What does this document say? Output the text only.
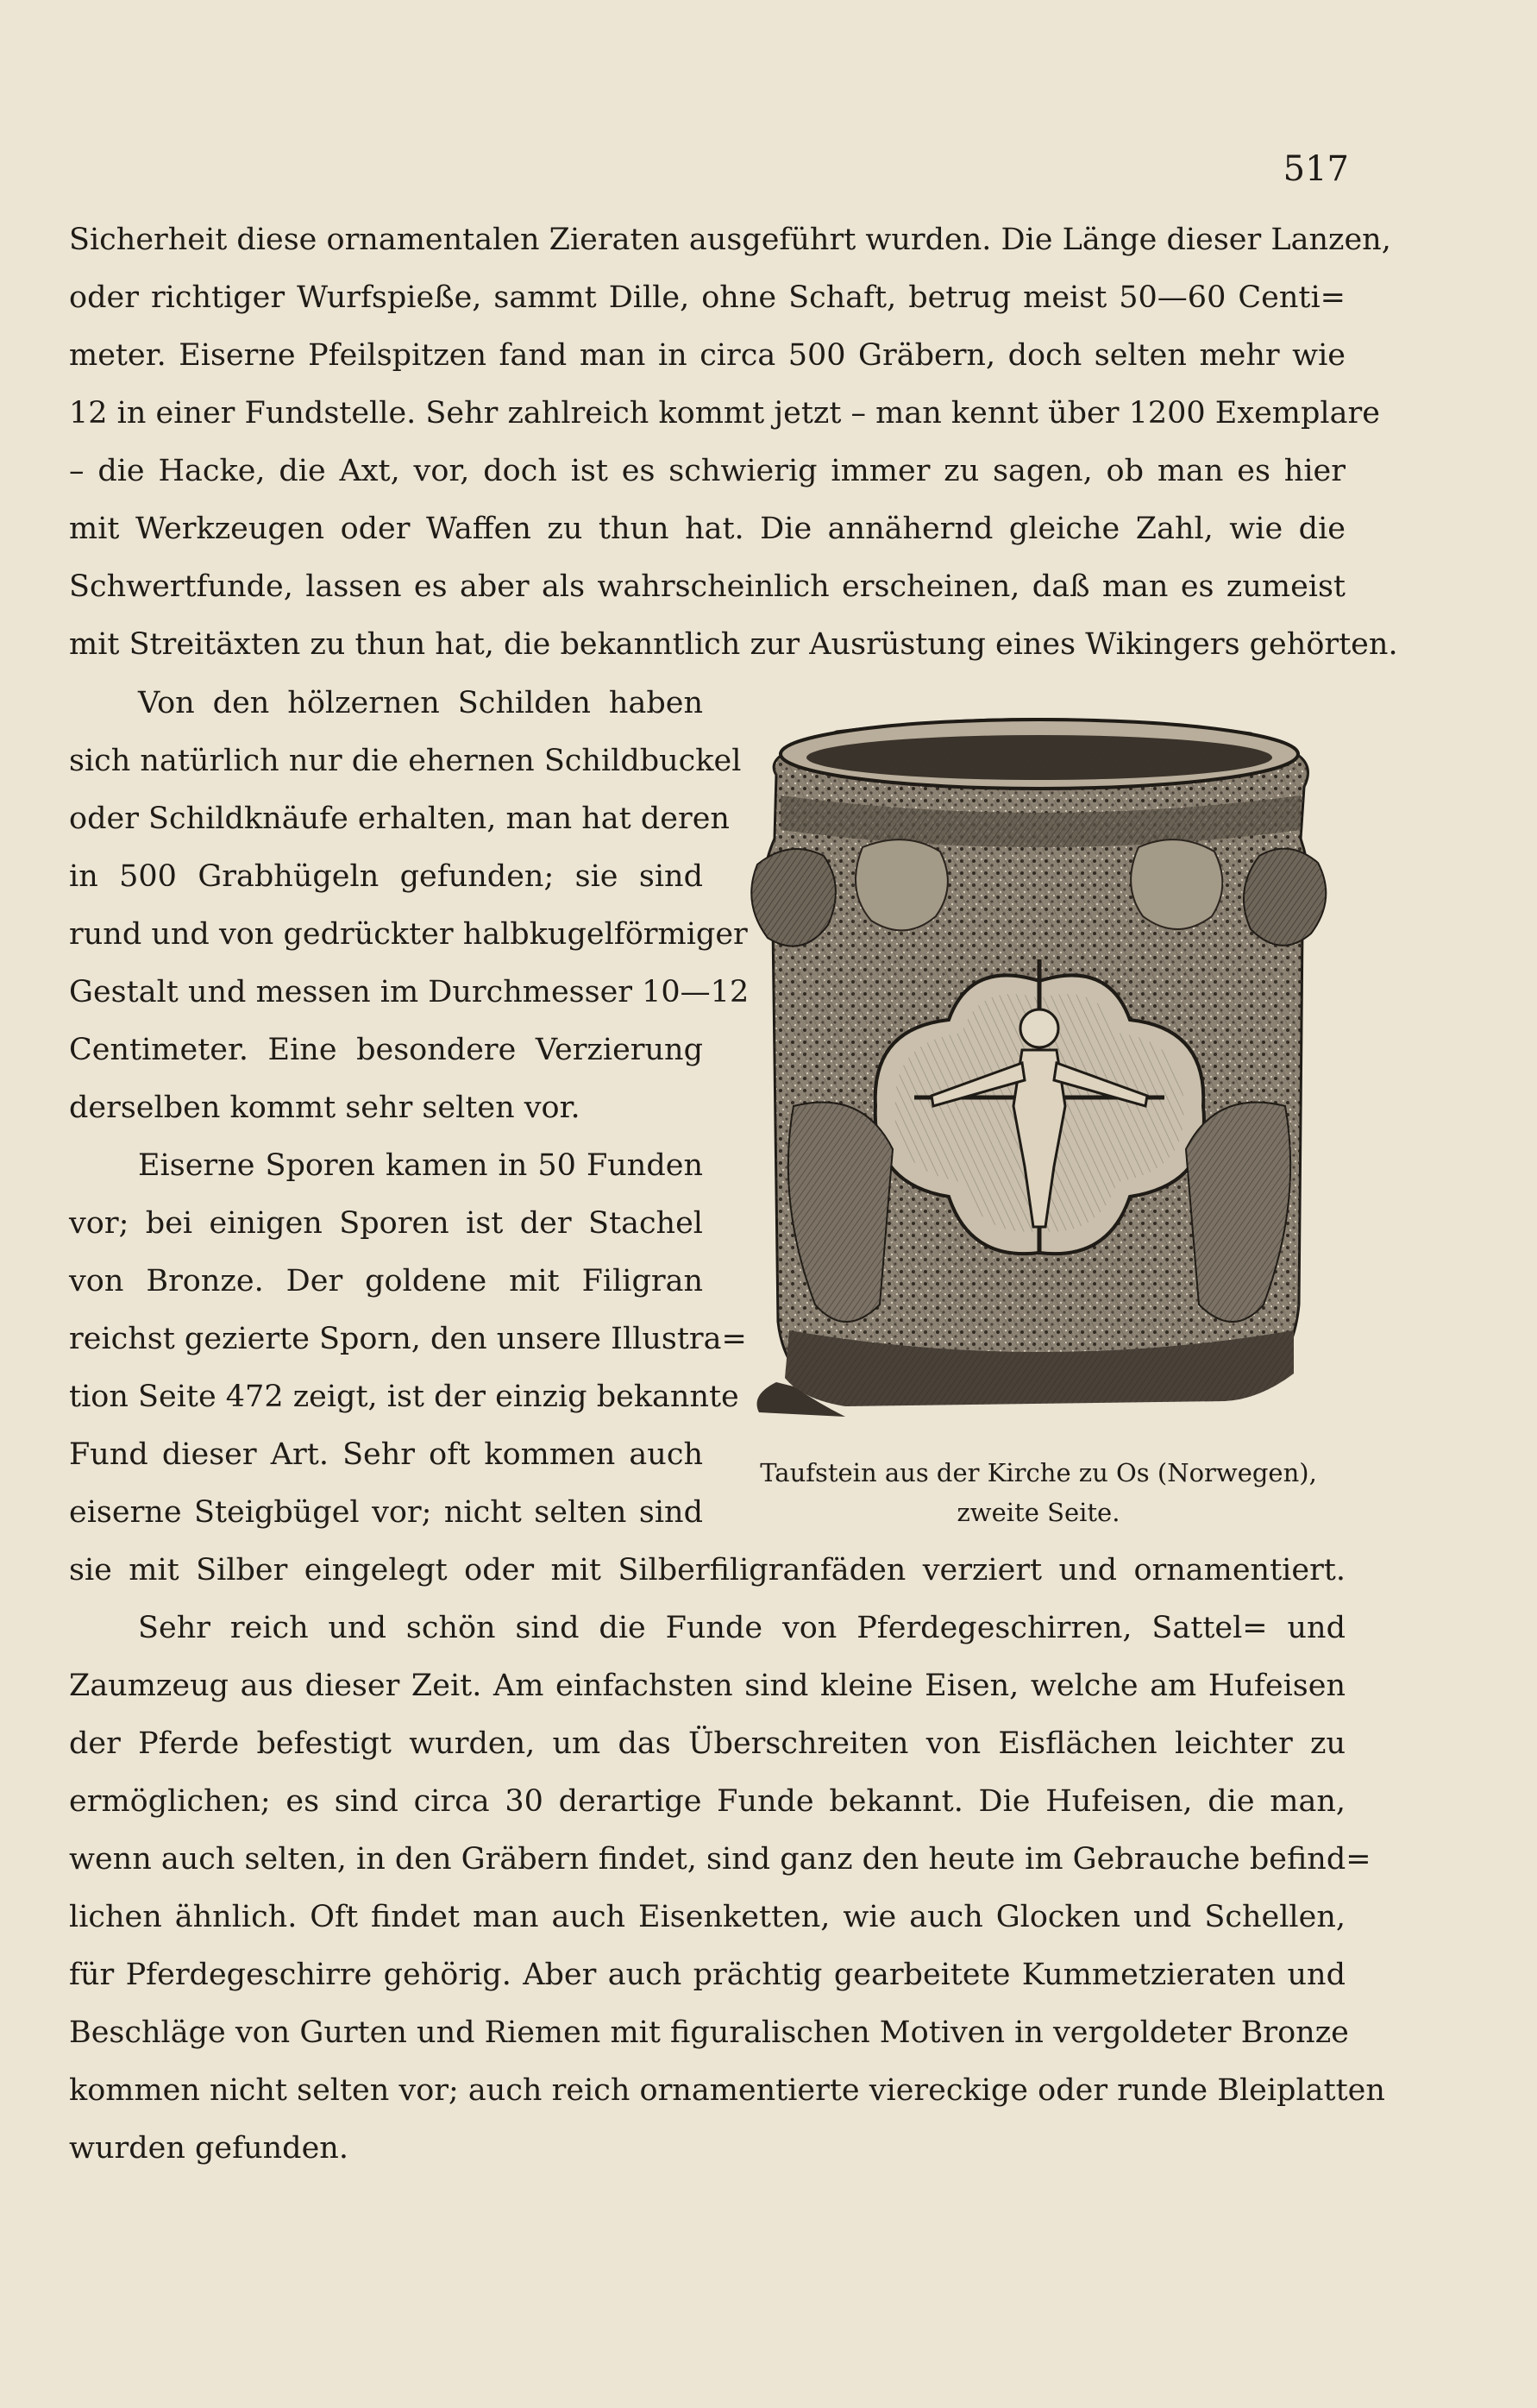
517
Sicherheit diese ornamentalen Zieraten ausgeführt wurden. Die Länge dieser Lanzen,
oder richtiger Wurfspieße, sammt Dille, ohne Schaft, betrug meist 50—60 Centi=
meter. Eiserne Pfeilspitzen fand man in circa 500 Gräbern, doch selten mehr wie
12 in einer Fundstelle. Sehr zahlreich kommt jetzt – man kennt über 1200 Exemplare
– die Hacke, die Axt, vor, doch ist es schwierig immer zu sagen, ob man es hier
mit Werkzeugen oder Waffen zu thun hat. Die annähernd gleiche Zahl, wie die
Schwertfunde, lassen es aber als wahrscheinlich erscheinen, daß man es zumeist
mit Streitäxten zu thun hat, die bekanntlich zur Ausrüstung eines Wikingers gehörten.
Von den hölzernen Schilden haben
sich natürlich nur die ehernen Schildbuckel
oder Schildknäufe erhalten, man hat deren
in 500 Grabhügeln gefunden; sie sind
rund und von gedrückter halbkugelförmiger
Gestalt und messen im Durchmesser 10—12
Centimeter. Eine besondere Verzierung
derselben kommt sehr selten vor.
Eiserne Sporen kamen in 50 Funden
vor; bei einigen Sporen ist der Stachel
von Bronze. Der goldene mit Filigran
reichst gezierte Sporn, den unsere Illustra=
tion Seite 472 zeigt, ist der einzig bekannte
Fund dieser Art. Sehr oft kommen auch
eiserne Steigbügel vor; nicht selten sind
sie mit Silber eingelegt oder mit Silberfiligranfäden verziert und ornamentiert.
Sehr reich und schön sind die Funde von Pferdegeschirren, Sattel= und
Zaumzeug aus dieser Zeit. Am einfachsten sind kleine Eisen, welche am Hufeisen
der Pferde befestigt wurden, um das Überschreiten von Eisflächen leichter zu
ermöglichen; es sind circa 30 derartige Funde bekannt. Die Hufeisen, die man,
wenn auch selten, in den Gräbern findet, sind ganz den heute im Gebrauche befind=
lichen ähnlich. Oft findet man auch Eisenketten, wie auch Glocken und Schellen,
für Pferdegeschirre gehörig. Aber auch prächtig gearbeitete Kummetzieraten und
Beschläge von Gurten und Riemen mit figuralischen Motiven in vergoldeter Bronze
kommen nicht selten vor; auch reich ornamentierte viereckige oder runde Bleiplatten
wurden gefunden.
Taufstein aus der Kirche zu Os (Norwegen),
zweite Seite.
